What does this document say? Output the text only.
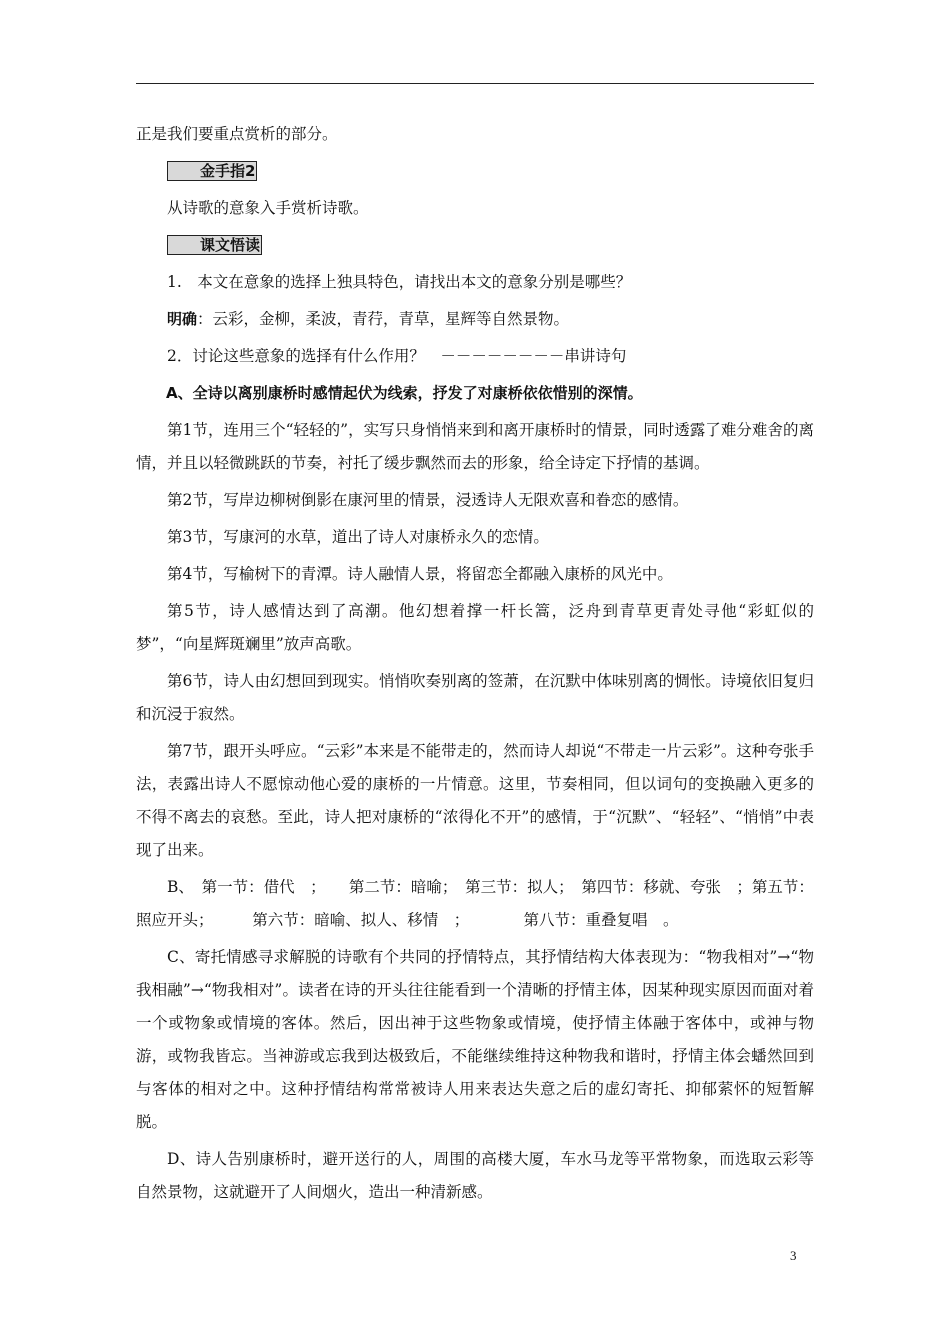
正是我们要重点赏析的部分。

金手指2

从诗歌的意象入手赏析诗歌。

课文悟读

1.　本文在意象的选择上独具特色，请找出本文的意象分别是哪些？

明确：云彩，金柳，柔波，青荇，青草，星辉等自然景物。

2．讨论这些意象的选择有什么作用？　－－－－－－－－串讲诗句

A、全诗以离别康桥时感情起伏为线索，抒发了对康桥依依惜别的深情。

第1节，连用三个“轻轻的”，实写只身悄悄来到和离开康桥时的情景，同时透露了难分难舍的离情，并且以轻微跳跃的节奏，衬托了缓步飘然而去的形象，给全诗定下抒情的基调。

第2节，写岸边柳树倒影在康河里的情景，浸透诗人无限欢喜和眷恋的感情。

第3节，写康河的水草，道出了诗人对康桥永久的恋情。

第4节，写榆树下的青潭。诗人融情人景，将留恋全都融入康桥的风光中。

第5节，诗人感情达到了高潮。他幻想着撑一杆长篙，泛舟到青草更青处寻他“彩虹似的梦”，“向星辉斑斓里”放声高歌。

第6节，诗人由幻想回到现实。悄悄吹奏别离的签萧，在沉默中体味别离的惆怅。诗境依旧复归和沉浸于寂然。

第7节，跟开头呼应。“云彩”本来是不能带走的，然而诗人却说“不带走一片云彩”。这种夸张手法，表露出诗人不愿惊动他心爱的康桥的一片情意。这里，节奏相同，但以词句的变换融入更多的不得不离去的哀愁。至此，诗人把对康桥的“浓得化不开”的感情，于“沉默”、“轻轻”、“悄悄”中表现了出来。

B、　第一节：借代　；　　第二节：暗喻；　第三节：拟人；　第四节：移就、夸张　；第五节：

照应开头；　　　第六节：暗喻、拟人、移情　；　　　　第八节：重叠复唱　。

C、寄托情感寻求解脱的诗歌有个共同的抒情特点，其抒情结构大体表现为：“物我相对”→“物我相融”→“物我相对”。读者在诗的开头往往能看到一个清晰的抒情主体，因某种现实原因而面对着一个或物象或情境的客体。然后，因出神于这些物象或情境，使抒情主体融于客体中，或神与物游，或物我皆忘。当神游或忘我到达极致后，不能继续维持这种物我和谐时，抒情主体会蟠然回到与客体的相对之中。这种抒情结构常常被诗人用来表达失意之后的虚幻寄托、抑郁萦怀的短暂解脱。

D、诗人告别康桥时，避开送行的人，周围的高楼大厦，车水马龙等平常物象，而选取云彩等自然景物，这就避开了人间烟火，造出一种清新感。

3
